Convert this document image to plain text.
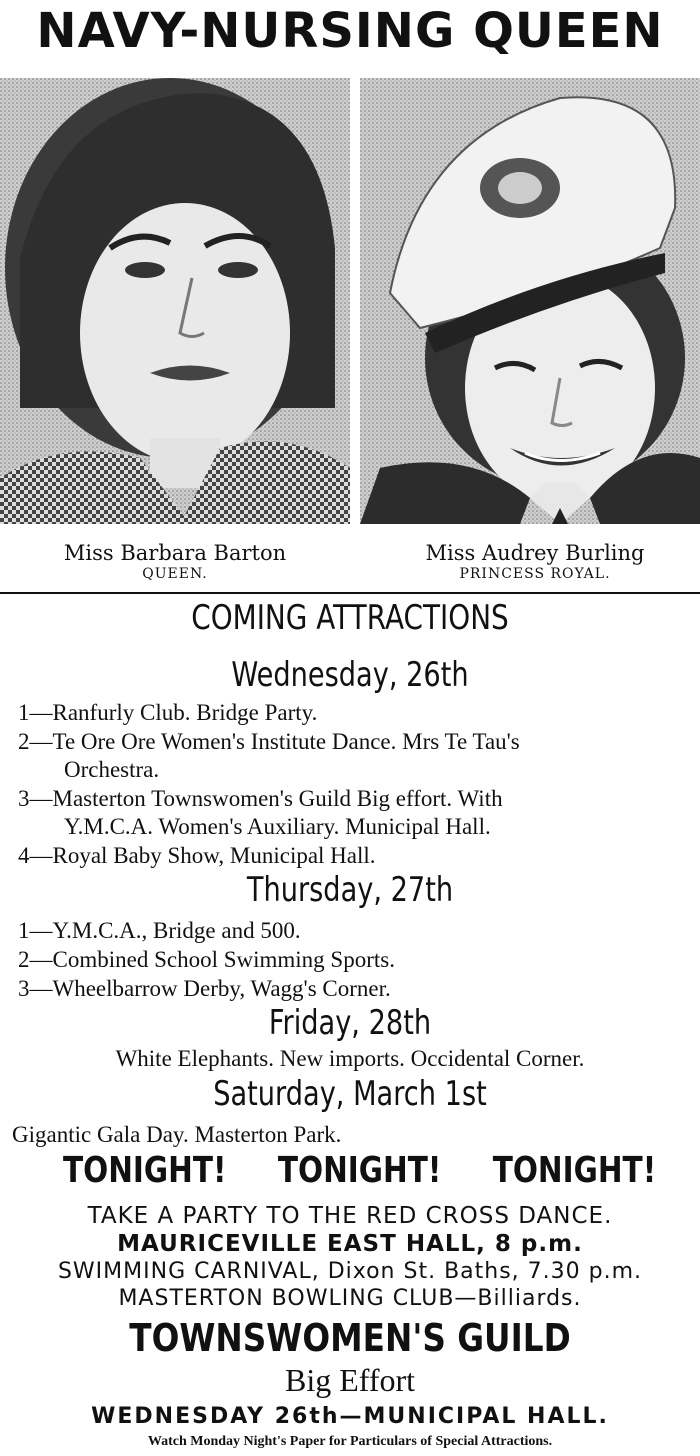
NAVY-NURSING QUEEN
Miss Barbara Barton
QUEEN.
Miss Audrey Burling
PRINCESS ROYAL.
COMING ATTRACTIONS
Wednesday, 26th
1—Ranfurly Club. Bridge Party.
2—Te Ore Ore Women's Institute Dance. Mrs Te Tau's
Orchestra.
3—Masterton Townswomen's Guild Big effort. With
Y.M.C.A. Women's Auxiliary. Municipal Hall.
4—Royal Baby Show, Municipal Hall.
Thursday, 27th
1—Y.M.C.A., Bridge and 500.
2—Combined School Swimming Sports.
3—Wheelbarrow Derby, Wagg's Corner.
Friday, 28th
White Elephants. New imports. Occidental Corner.
Saturday, March 1st
Gigantic Gala Day. Masterton Park.
TONIGHT! TONIGHT! TONIGHT!
TAKE A PARTY TO THE RED CROSS DANCE.
MAURICEVILLE EAST HALL, 8 p.m.
SWIMMING CARNIVAL, Dixon St. Baths, 7.30 p.m.
MASTERTON BOWLING CLUB—Billiards.
TOWNSWOMEN'S GUILD
Big Effort
WEDNESDAY 26th—MUNICIPAL HALL.
Watch Monday Night's Paper for Particulars of Special Attractions.
